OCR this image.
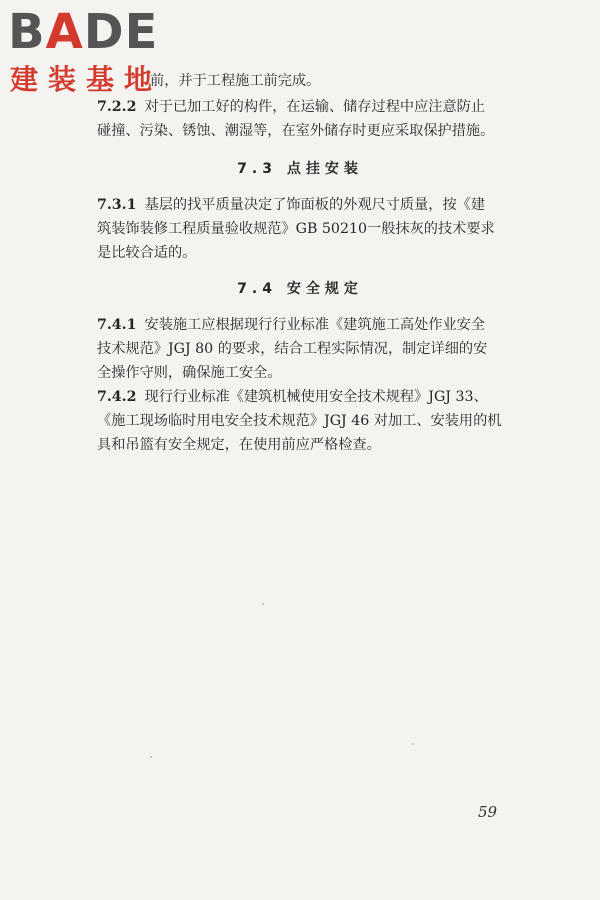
BADE
建装基地
前，并于工程施工前完成。
7.2.2 对于已加工好的构件，在运输、储存过程中应注意防止
碰撞、污染、锈蚀、潮湿等，在室外储存时更应采取保护措施。
7.3 点挂安装
7.3.1 基层的找平质量决定了饰面板的外观尺寸质量，按《建
筑装饰装修工程质量验收规范》GB 50210一般抹灰的技术要求
是比较合适的。
7.4 安全规定
7.4.1 安装施工应根据现行行业标准《建筑施工高处作业安全
技术规范》JGJ 80 的要求，结合工程实际情况，制定详细的安
全操作守则，确保施工安全。
7.4.2 现行行业标准《建筑机械使用安全技术规程》JGJ 33、
《施工现场临时用电安全技术规范》JGJ 46 对加工、安装用的机
具和吊篮有安全规定，在使用前应严格检查。
59
